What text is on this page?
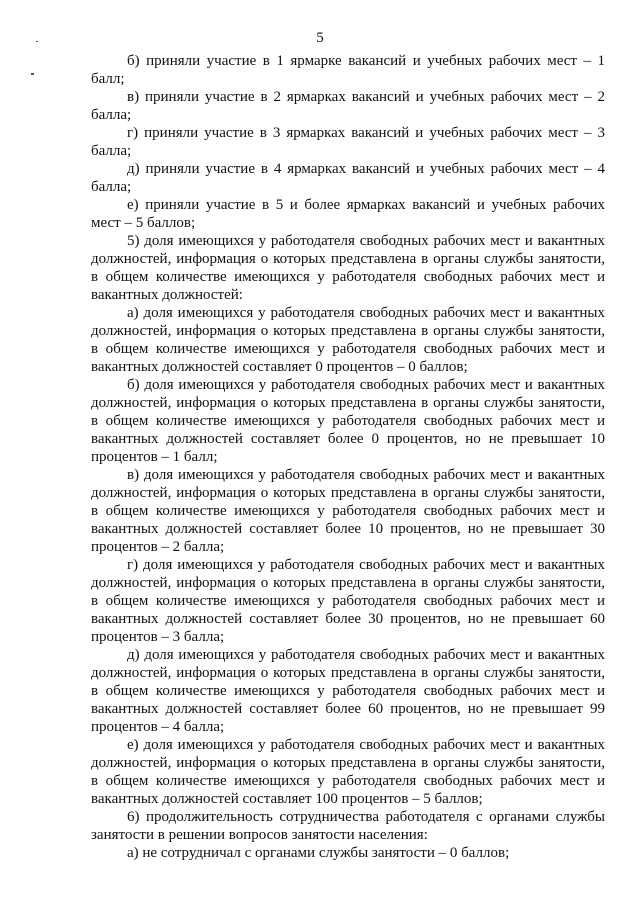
5

б) приняли участие в 1 ярмарке вакансий и учебных рабочих мест – 1 балл;

в) приняли участие в 2 ярмарках вакансий и учебных рабочих мест – 2 балла;

г) приняли участие в 3 ярмарках вакансий и учебных рабочих мест – 3 балла;

д) приняли участие в 4 ярмарках вакансий и учебных рабочих мест – 4 балла;

е) приняли участие в 5 и более ярмарках вакансий и учебных рабочих мест – 5 баллов;

5) доля имеющихся у работодателя свободных рабочих мест и вакантных должностей, информация о которых представлена в органы службы занятости, в общем количестве имеющихся у работодателя свободных рабочих мест и вакантных должностей:

а) доля имеющихся у работодателя свободных рабочих мест и вакантных должностей, информация о которых представлена в органы службы занятости, в общем количестве имеющихся у работодателя свободных рабочих мест и вакантных должностей составляет 0 процентов – 0 баллов;

б) доля имеющихся у работодателя свободных рабочих мест и вакантных должностей, информация о которых представлена в органы службы занятости, в общем количестве имеющихся у работодателя свободных рабочих мест и вакантных должностей составляет более 0 процентов, но не превышает 10 процентов – 1 балл;

в) доля имеющихся у работодателя свободных рабочих мест и вакантных должностей, информация о которых представлена в органы службы занятости, в общем количестве имеющихся у работодателя свободных рабочих мест и вакантных должностей составляет более 10 процентов, но не превышает 30 процентов – 2 балла;

г) доля имеющихся у работодателя свободных рабочих мест и вакантных должностей, информация о которых представлена в органы службы занятости, в общем количестве имеющихся у работодателя свободных рабочих мест и вакантных должностей составляет более 30 процентов, но не превышает 60 процентов – 3 балла;

д) доля имеющихся у работодателя свободных рабочих мест и вакантных должностей, информация о которых представлена в органы службы занятости, в общем количестве имеющихся у работодателя свободных рабочих мест и вакантных должностей составляет более 60 процентов, но не превышает 99 процентов – 4 балла;

е) доля имеющихся у работодателя свободных рабочих мест и вакантных должностей, информация о которых представлена в органы службы занятости, в общем количестве имеющихся у работодателя свободных рабочих мест и вакантных должностей составляет 100 процентов – 5 баллов;

6) продолжительность сотрудничества работодателя с органами службы занятости в решении вопросов занятости населения:

а) не сотрудничал с органами службы занятости – 0 баллов;
